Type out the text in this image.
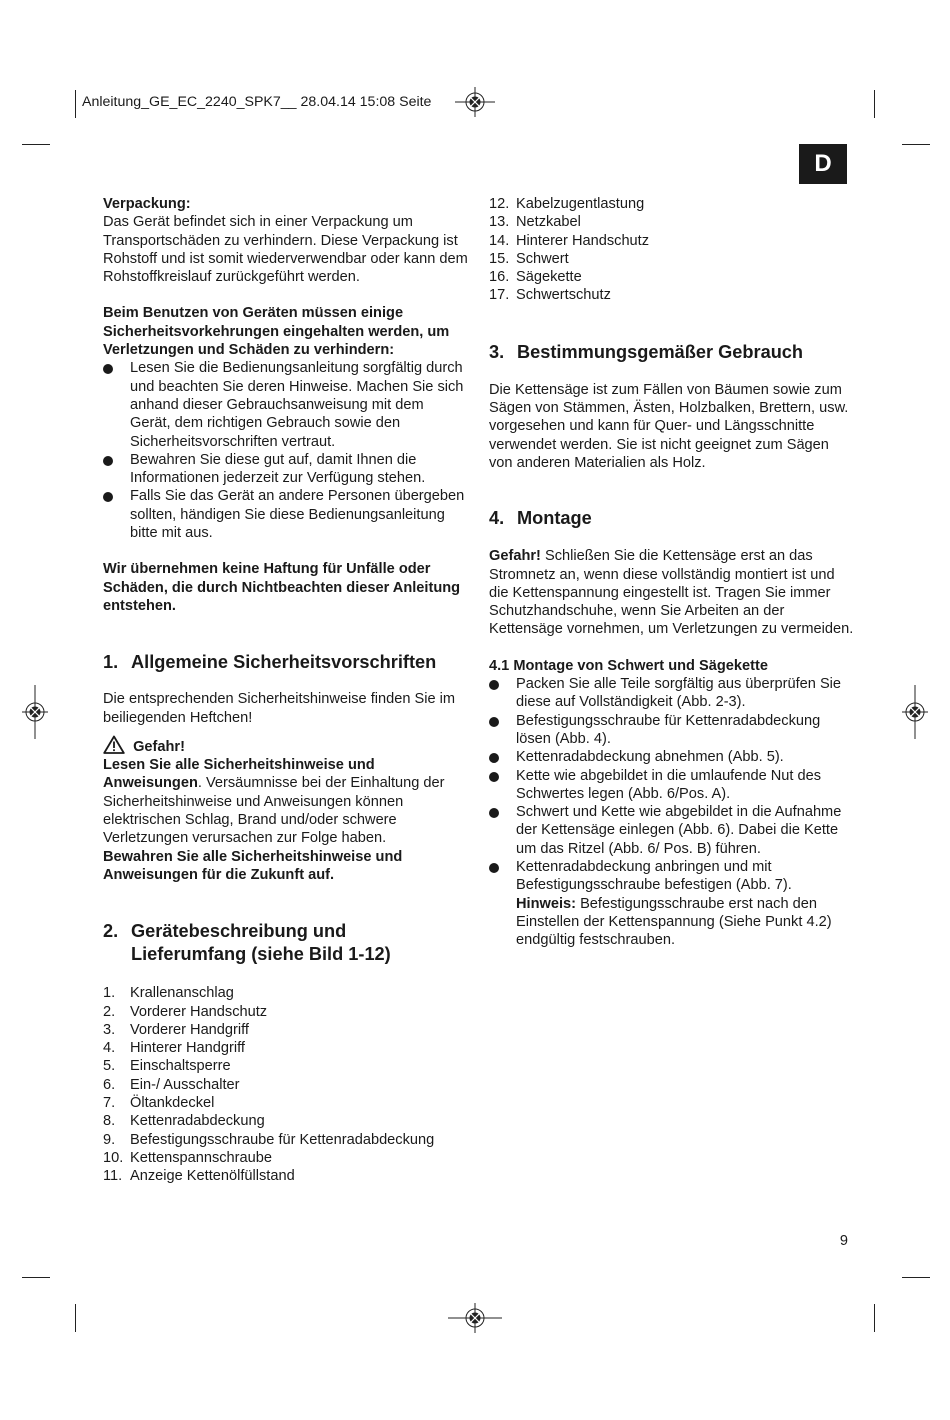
Anleitung_GE_EC_2240_SPK7__ 28.04.14 15:08 Seite
D

Verpackung:

Das Gerät befindet sich in einer Verpackung um Transportschäden zu verhindern. Diese Verpackung ist Rohstoff und ist somit wiederverwendbar oder kann dem Rohstoffkreislauf zurückgeführt werden.

Beim Benutzen von Geräten müssen einige Sicherheitsvorkehrungen eingehalten werden, um Verletzungen und Schäden zu verhindern:

Lesen Sie die Bedienungsanleitung sorgfältig durch und beachten Sie deren Hinweise. Machen Sie sich anhand dieser Gebrauchsanweisung mit dem Gerät, dem richtigen Gebrauch sowie den Sicherheitsvorschriften vertraut.
Bewahren Sie diese gut auf, damit Ihnen die Informationen jederzeit zur Verfügung stehen.
Falls Sie das Gerät an andere Personen übergeben sollten, händigen Sie diese Bedienungsanleitung bitte mit aus.

Wir übernehmen keine Haftung für Unfälle oder Schäden, die durch Nichtbeachten dieser Anleitung entstehen.

1. Allgemeine Sicherheitsvorschriften

Die entsprechenden Sicherheitshinweise finden Sie im beiliegenden Heftchen!

Gefahr!

Lesen Sie alle Sicherheitshinweise und Anweisungen. Versäumnisse bei der Einhaltung der Sicherheitshinweise und Anweisungen können elektrischen Schlag, Brand und/oder schwere Verletzungen verursachen zur Folge haben.

Bewahren Sie alle Sicherheitshinweise und Anweisungen für die Zukunft auf.

2. Gerätebeschreibung und
Lieferumfang (siehe Bild 1-12)
1. Krallenanschlag
2. Vorderer Handschutz
3. Vorderer Handgriff
4. Hinterer Handgriff
5. Einschaltsperre
6. Ein-/ Ausschalter
7. Öltankdeckel
8. Kettenradabdeckung
9. Befestigungsschraube für Kettenradabdeckung
10. Kettenspannschraube
11. Anzeige Kettenölfüllstand
12. Kabelzugentlastung
13. Netzkabel
14. Hinterer Handschutz
15. Schwert
16. Sägekette
17. Schwertschutz
3. Bestimmungsgemäßer Gebrauch

Die Kettensäge ist zum Fällen von Bäumen sowie zum Sägen von Stämmen, Ästen, Holzbalken, Brettern, usw. vorgesehen und kann für Quer- und Längsschnitte verwendet werden. Sie ist nicht geeignet zum Sägen von anderen Materialien als Holz.

4. Montage

Gefahr! Schließen Sie die Kettensäge erst an das Stromnetz an, wenn diese vollständig montiert ist und die Kettenspannung eingestellt ist. Tragen Sie immer Schutzhandschuhe, wenn Sie Arbeiten an der Kettensäge vornehmen, um Verletzungen zu vermeiden.

4.1 Montage von Schwert und Sägekette

Packen Sie alle Teile sorgfältig aus überprüfen Sie diese auf Vollständigkeit (Abb. 2-3).
Befestigungsschraube für Kettenradabdeckung lösen (Abb. 4).
Kettenradabdeckung abnehmen (Abb. 5).
Kette wie abgebildet in die umlaufende Nut des Schwertes legen (Abb. 6/Pos. A).
Schwert und Kette wie abgebildet in die Aufnahme der Kettensäge einlegen (Abb. 6). Dabei die Kette um das Ritzel (Abb. 6/ Pos. B) führen.
Kettenradabdeckung anbringen und mit Befestigungsschraube befestigen (Abb. 7).
Hinweis: Befestigungsschraube erst nach den Einstellen der Kettenspannung (Siehe Punkt 4.2) endgültig festschrauben.
9
